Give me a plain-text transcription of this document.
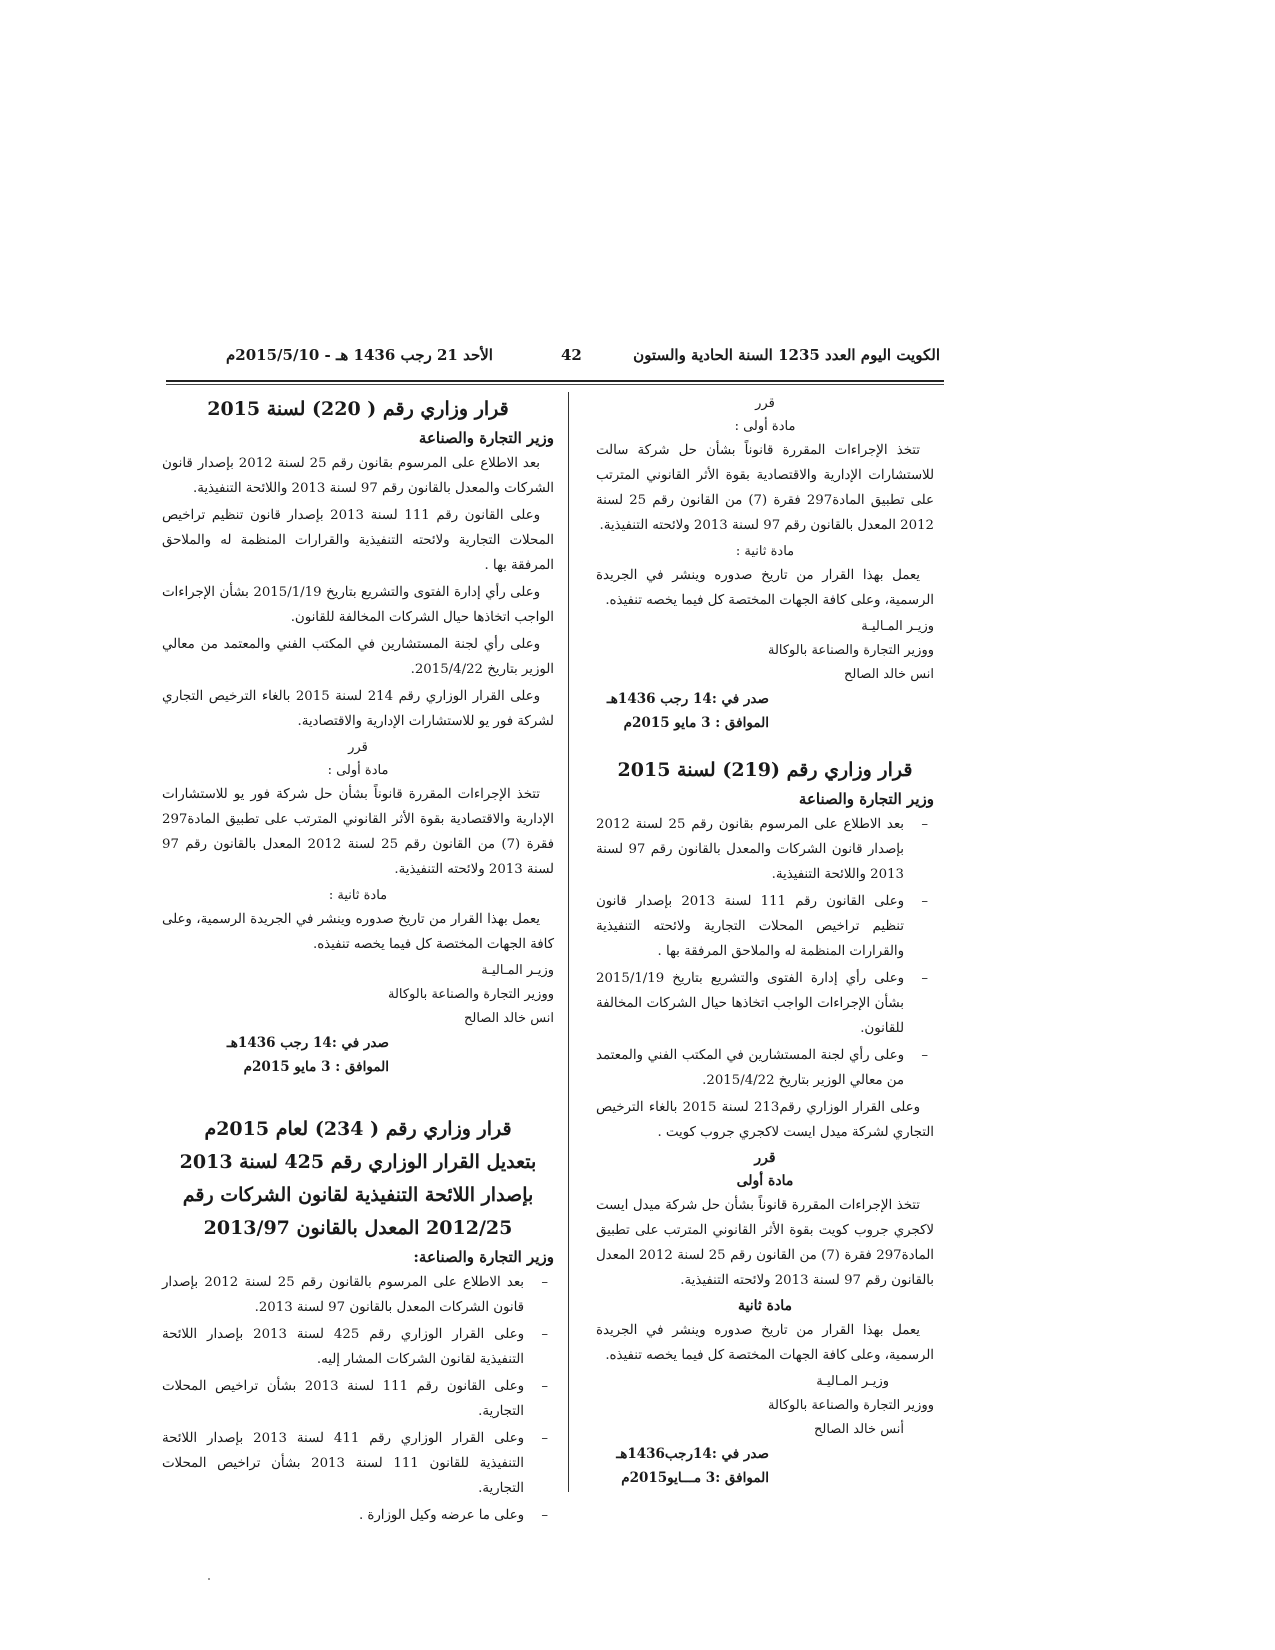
الكويت اليوم العدد 1235 السنة الحادية والستون
42
الأحد 21 رجب 1436 هـ - 2015/5/10م
قرر
مادة أولى :

تتخذ الإجراءات المقررة قانوناً بشأن حل شركة سالت للاستشارات الإدارية والاقتصادية بقوة الأثر القانوني المترتب على تطبيق المادة297 فقرة (7) من القانون رقم 25 لسنة 2012 المعدل بالقانون رقم 97 لسنة 2013 ولائحته التنفيذية.

مادة ثانية :

يعمل بهذا القرار من تاريخ صدوره وينشر في الجريدة الرسمية، وعلى كافة الجهات المختصة كل فيما يخصه تنفيذه.

وزيـر المـاليـة
ووزير التجارة والصناعة بالوكالة
انس خالد الصالح
صدر في :14 رجب 1436هـ
الموافق : 3 مايو 2015م
قرار وزاري رقم (219) لسنة 2015
وزير التجارة والصناعة

– بعد الاطلاع على المرسوم بقانون رقم 25 لسنة 2012 بإصدار قانون الشركات والمعدل بالقانون رقم 97 لسنة 2013 واللائحة التنفيذية.

– وعلى القانون رقم 111 لسنة 2013 بإصدار قانون تنظيم تراخيص المحلات التجارية ولائحته التنفيذية والقرارات المنظمة له والملاحق المرفقة بها .

– وعلى رأي إدارة الفتوى والتشريع بتاريخ 2015/1/19 بشأن الإجراءات الواجب اتخاذها حيال الشركات المخالفة للقانون.

– وعلى رأي لجنة المستشارين في المكتب الفني والمعتمد من معالي الوزير بتاريخ 2015/4/22.

وعلى القرار الوزاري رقم213 لسنة 2015 بالغاء الترخيص التجاري لشركة ميدل ايست لاكجري جروب كويت .

قرر
مادة أولى

تتخذ الإجراءات المقررة قانوناً بشأن حل شركة ميدل ايست لاكجري جروب كويت بقوة الأثر القانوني المترتب على تطبيق المادة297 فقرة (7) من القانون رقم 25 لسنة 2012 المعدل بالقانون رقم 97 لسنة 2013 ولائحته التنفيذية.

مادة ثانية

يعمل بهذا القرار من تاريخ صدوره وينشر في الجريدة الرسمية، وعلى كافة الجهات المختصة كل فيما يخصه تنفيذه.

وزيـر المـاليـة
ووزير التجارة والصناعة بالوكالة
أنس خالد الصالح
صدر في :14رجب1436هـ
الموافق :3 مـــايو2015م
قرار وزاري رقم ( 220) لسنة 2015
وزير التجارة والصناعة

بعد الاطلاع على المرسوم بقانون رقم 25 لسنة 2012 بإصدار قانون الشركات والمعدل بالقانون رقم 97 لسنة 2013 واللائحة التنفيذية.

وعلى القانون رقم 111 لسنة 2013 بإصدار قانون تنظيم تراخيص المحلات التجارية ولائحته التنفيذية والقرارات المنظمة له والملاحق المرفقة بها .

وعلى رأي إدارة الفتوى والتشريع بتاريخ 2015/1/19 بشأن الإجراءات الواجب اتخاذها حيال الشركات المخالفة للقانون.

وعلى رأي لجنة المستشارين في المكتب الفني والمعتمد من معالي الوزير بتاريخ 2015/4/22.

وعلى القرار الوزاري رقم 214 لسنة 2015 بالغاء الترخيص التجاري لشركة فور يو للاستشارات الإدارية والاقتصادية.

قرر
مادة أولى :

تتخذ الإجراءات المقررة قانوناً بشأن حل شركة فور يو للاستشارات الإدارية والاقتصادية بقوة الأثر القانوني المترتب على تطبيق المادة297 فقرة (7) من القانون رقم 25 لسنة 2012 المعدل بالقانون رقم 97 لسنة 2013 ولائحته التنفيذية.

مادة ثانية :

يعمل بهذا القرار من تاريخ صدوره وينشر في الجريدة الرسمية، وعلى كافة الجهات المختصة كل فيما يخصه تنفيذه.

وزيـر المـاليـة
ووزير التجارة والصناعة بالوكالة
انس خالد الصالح
صدر في :14 رجب 1436هـ
الموافق : 3 مايو 2015م
قرار وزاري رقم ( 234) لعام 2015م
بتعديل القرار الوزاري رقم 425 لسنة 2013
بإصدار اللائحة التنفيذية لقانون الشركات رقم
2012/25 المعدل بالقانون 2013/97
وزير التجارة والصناعة:

– بعد الاطلاع على المرسوم بالقانون رقم 25 لسنة 2012 بإصدار قانون الشركات المعدل بالقانون 97 لسنة 2013.

– وعلى القرار الوزاري رقم 425 لسنة 2013 بإصدار اللائحة التنفيذية لقانون الشركات المشار إليه.

– وعلى القانون رقم 111 لسنة 2013 بشأن تراخيص المحلات التجارية.

– وعلى القرار الوزاري رقم 411 لسنة 2013 بإصدار اللائحة التنفيذية للقانون 111 لسنة 2013 بشأن تراخيص المحلات التجارية.

– وعلى ما عرضه وكيل الوزارة .
